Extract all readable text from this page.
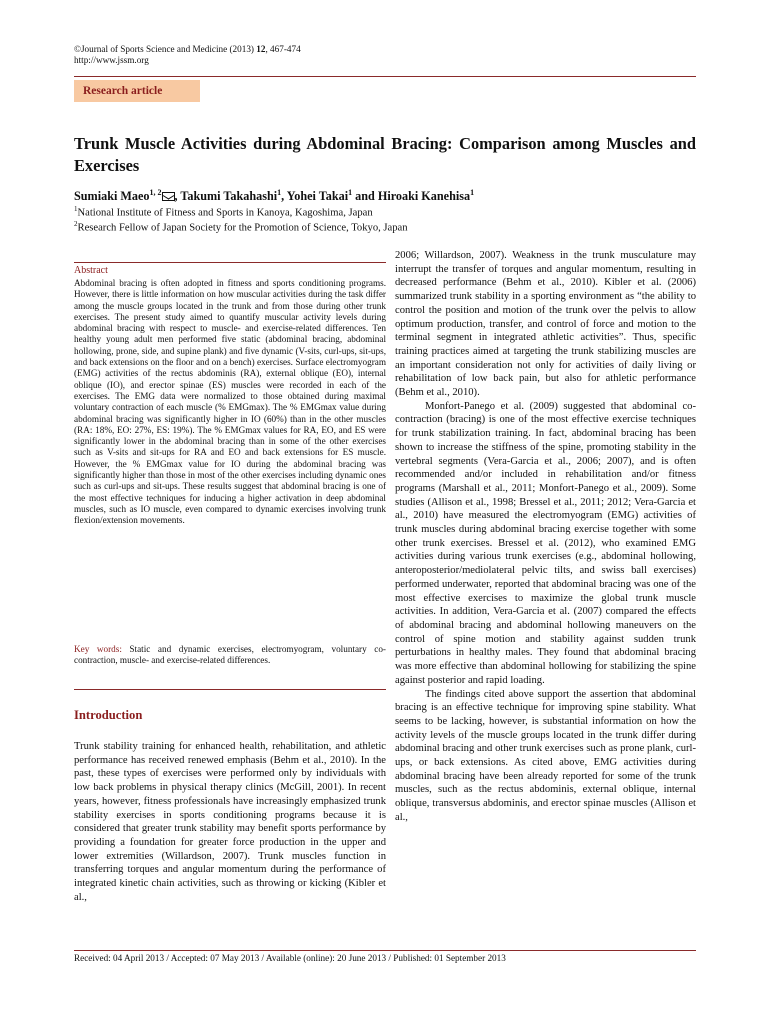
©Journal of Sports Science and Medicine (2013) 12, 467-474
http://www.jssm.org
Research article
Trunk Muscle Activities during Abdominal Bracing: Comparison among Muscles and Exercises
Sumiaki Maeo$^{1, 2}$ , Takumi Takahashi$^1$, Yohei Takai$^1$ and Hiroaki Kanehisa$^1$
$^1$National Institute of Fitness and Sports in Kanoya, Kagoshima, Japan
$^2$Research Fellow of Japan Society for the Promotion of Science, Tokyo, Japan
Abstract
Abdominal bracing is often adopted in fitness and sports conditioning programs. However, there is little information on how muscular activities during the task differ among the muscle groups located in the trunk and from those during other trunk exercises. The present study aimed to quantify muscular activity levels during abdominal bracing with respect to muscle- and exercise-related differences. Ten healthy young adult men performed five static (abdominal bracing, abdominal hollowing, prone, side, and supine plank) and five dynamic (V-sits, curl-ups, sit-ups, and back extensions on the floor and on a bench) exercises. Surface electromyogram (EMG) activities of the rectus abdominis (RA), external oblique (EO), internal oblique (IO), and erector spinae (ES) muscles were recorded in each of the exercises. The EMG data were normalized to those obtained during maximal voluntary contraction of each muscle (% EMGmax). The % EMGmax value during abdominal bracing was significantly higher in IO (60%) than in the other muscles (RA: 18%, EO: 27%, ES: 19%). The % EMGmax values for RA, EO, and ES were significantly lower in the abdominal bracing than in some of the other exercises such as V-sits and sit-ups for RA and EO and back extensions for ES muscle. However, the % EMGmax value for IO during the abdominal bracing was significantly higher than those in most of the other exercises including dynamic ones such as curl-ups and sit-ups. These results suggest that abdominal bracing is one of the most effective techniques for inducing a higher activation in deep abdominal muscles, such as IO muscle, even compared to dynamic exercises involving trunk flexion/extension movements.
Key words: Static and dynamic exercises, electromyogram, voluntary co-contraction, muscle- and exercise-related differences.
Introduction

Trunk stability training for enhanced health, rehabilitation, and athletic performance has received renewed emphasis (Behm et al., 2010). In the past, these types of exercises were performed only by individuals with low back problems in physical therapy clinics (McGill, 2001). In recent years, however, fitness professionals have increasingly emphasized trunk stability exercises in sports conditioning programs because it is considered that greater trunk stability may benefit sports performance by providing a foundation for greater force production in the upper and lower extremities (Willardson, 2007). Trunk muscles function in transferring torques and angular momentum during the performance of integrated kinetic chain activities, such as throwing or kicking (Kibler et al.,

2006; Willardson, 2007). Weakness in the trunk musculature may interrupt the transfer of torques and angular momentum, resulting in decreased performance (Behm et al., 2010). Kibler et al. (2006) summarized trunk stability in a sporting environment as “the ability to control the position and motion of the trunk over the pelvis to allow optimum production, transfer, and control of force and motion to the terminal segment in integrated athletic activities”. Thus, specific training practices aimed at targeting the trunk stabilizing muscles are an important consideration not only for activities of daily living or rehabilitation of low back pain, but also for athletic performance (Behm et al., 2010).

Monfort-Panego et al. (2009) suggested that abdominal co-contraction (bracing) is one of the most effective exercise techniques for trunk stabilization training. In fact, abdominal bracing has been shown to increase the stiffness of the spine, promoting stability in the vertebral segments (Vera-Garcia et al., 2006; 2007), and is often recommended and/or included in rehabilitation and/or fitness programs (Marshall et al., 2011; Monfort-Panego et al., 2009). Some studies (Allison et al., 1998; Bressel et al., 2011; 2012; Vera-Garcia et al., 2010) have measured the electromyogram (EMG) activities of trunk muscles during abdominal bracing exercise together with some other trunk exercises. Bressel et al. (2012), who examined EMG activities during various trunk exercises (e.g., abdominal hollowing, anteroposterior/mediolateral pelvic tilts, and swiss ball exercises) performed underwater, reported that abdominal bracing was one of the most effective exercises to maximize the global trunk muscle activities. In addition, Vera-Garcia et al. (2007) compared the effects of abdominal bracing and abdominal hollowing maneuvers on the control of spine motion and stability against sudden trunk perturbations in healthy males. They found that abdominal bracing was more effective than abdominal hollowing for stabilizing the spine against posterior and rapid loading.

The findings cited above support the assertion that abdominal bracing is an effective technique for improving spine stability. What seems to be lacking, however, is substantial information on how the activity levels of the muscle groups located in the trunk differ during abdominal bracing and other trunk exercises such as prone plank, curl-ups, or back extensions. As cited above, EMG activities during abdominal bracing have been already reported for some of the trunk muscles, such as the rectus abdominis, external oblique, internal oblique, transversus abdominis, and erector spinae muscles (Allison et al.,

Received: 04 April 2013 / Accepted: 07 May 2013 / Available (online): 20 June 2013 / Published: 01 September 2013
